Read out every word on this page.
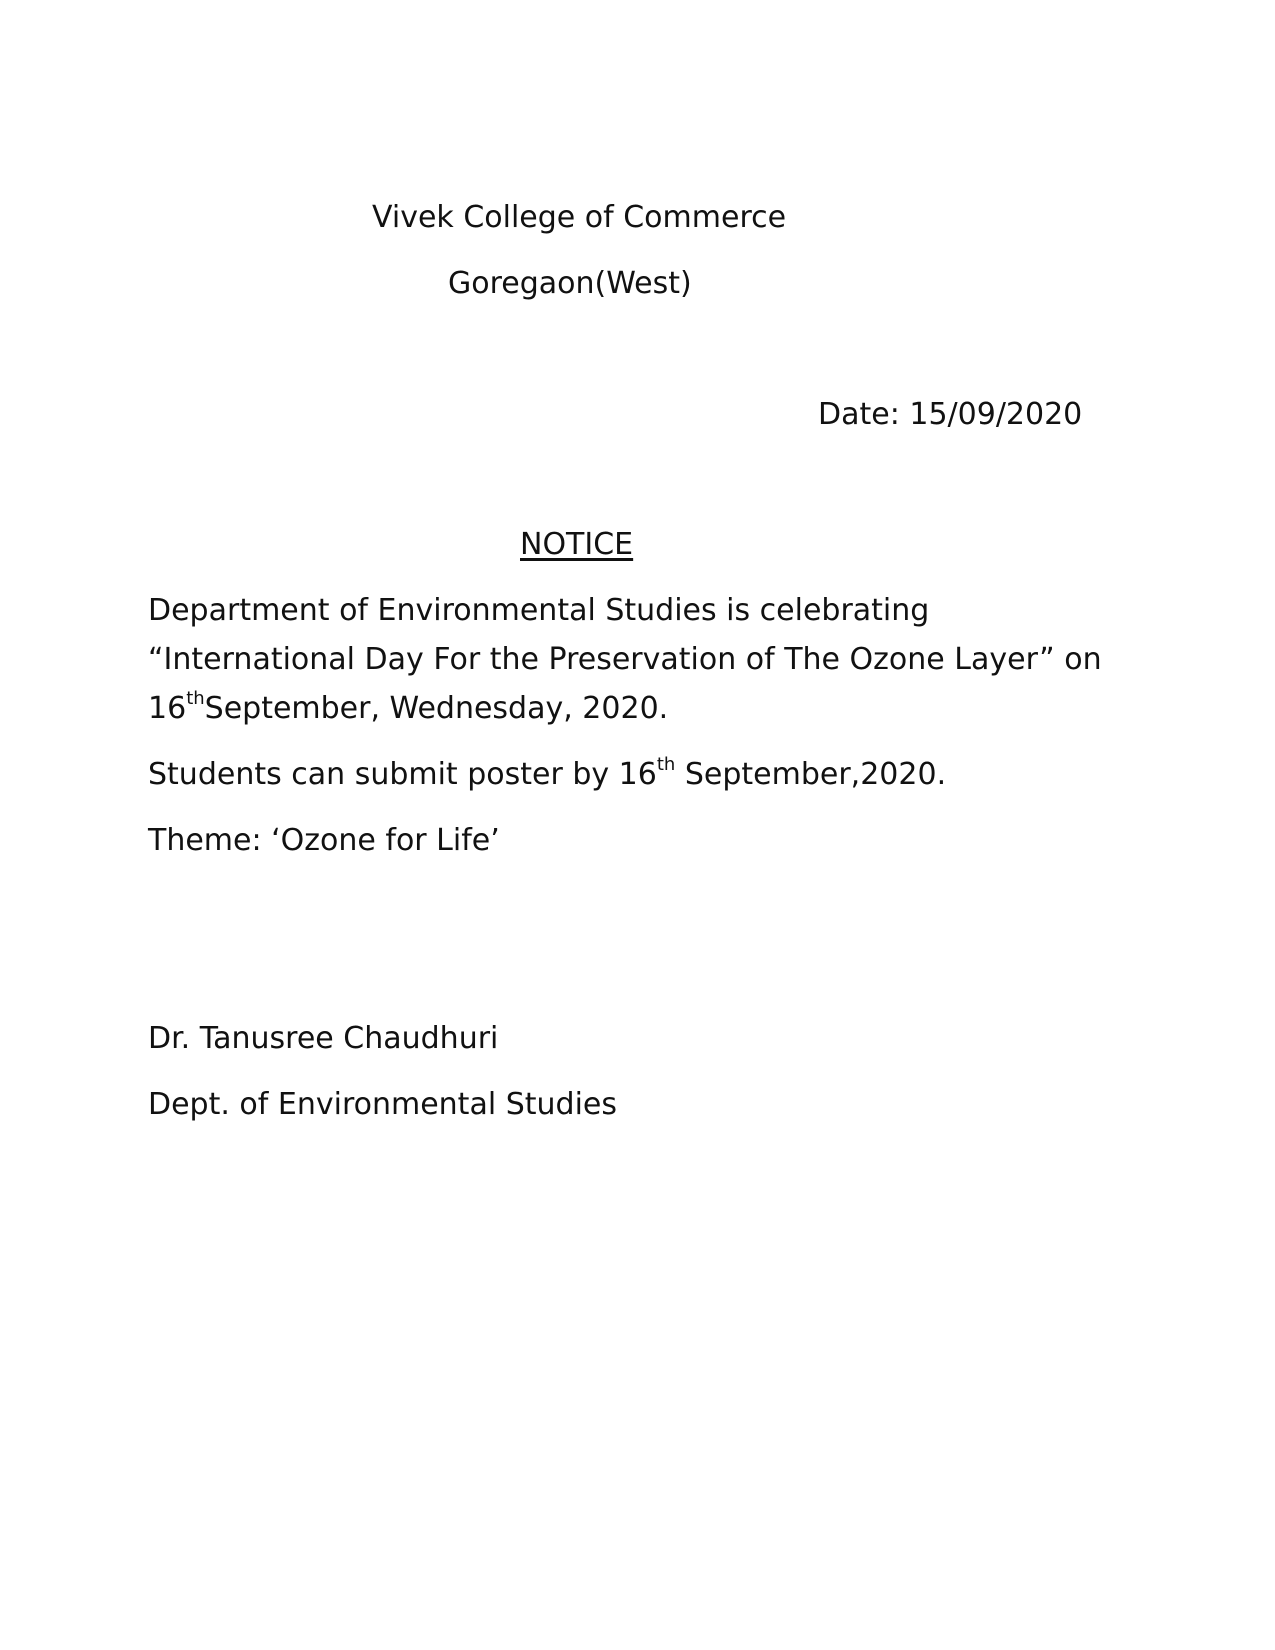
Vivek College of Commerce
Goregaon(West)
Date: 15/09/2020
NOTICE
Department of Environmental Studies is celebrating
“International Day For the Preservation of The Ozone Layer” on
16thSeptember, Wednesday, 2020.
Students can submit poster by 16th September,2020.
Theme: ‘Ozone for Life’
Dr. Tanusree Chaudhuri
Dept. of Environmental Studies
